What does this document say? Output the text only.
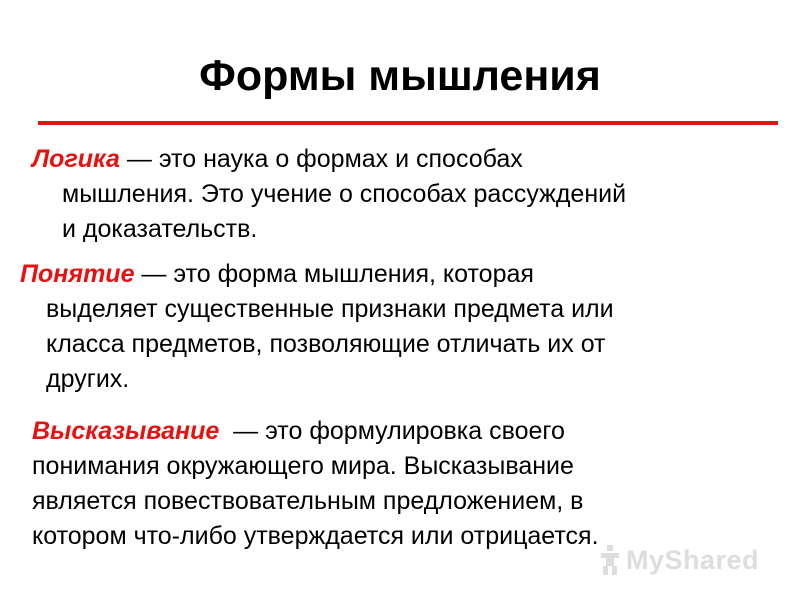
Формы мышления

Логика — это наука о формах и способах
мышления. Это учение о способах рассуждений
и доказательств.

Понятие — это форма мышления, которая
выделяет существенные признаки предмета или
класса предметов, позволяющие отличать их от
других.

Высказывание  — это формулировка своего
понимания окружающего мира. Высказывание
является повествовательным предложением, в
котором что-либо утверждается или отрицается.

MyShared
